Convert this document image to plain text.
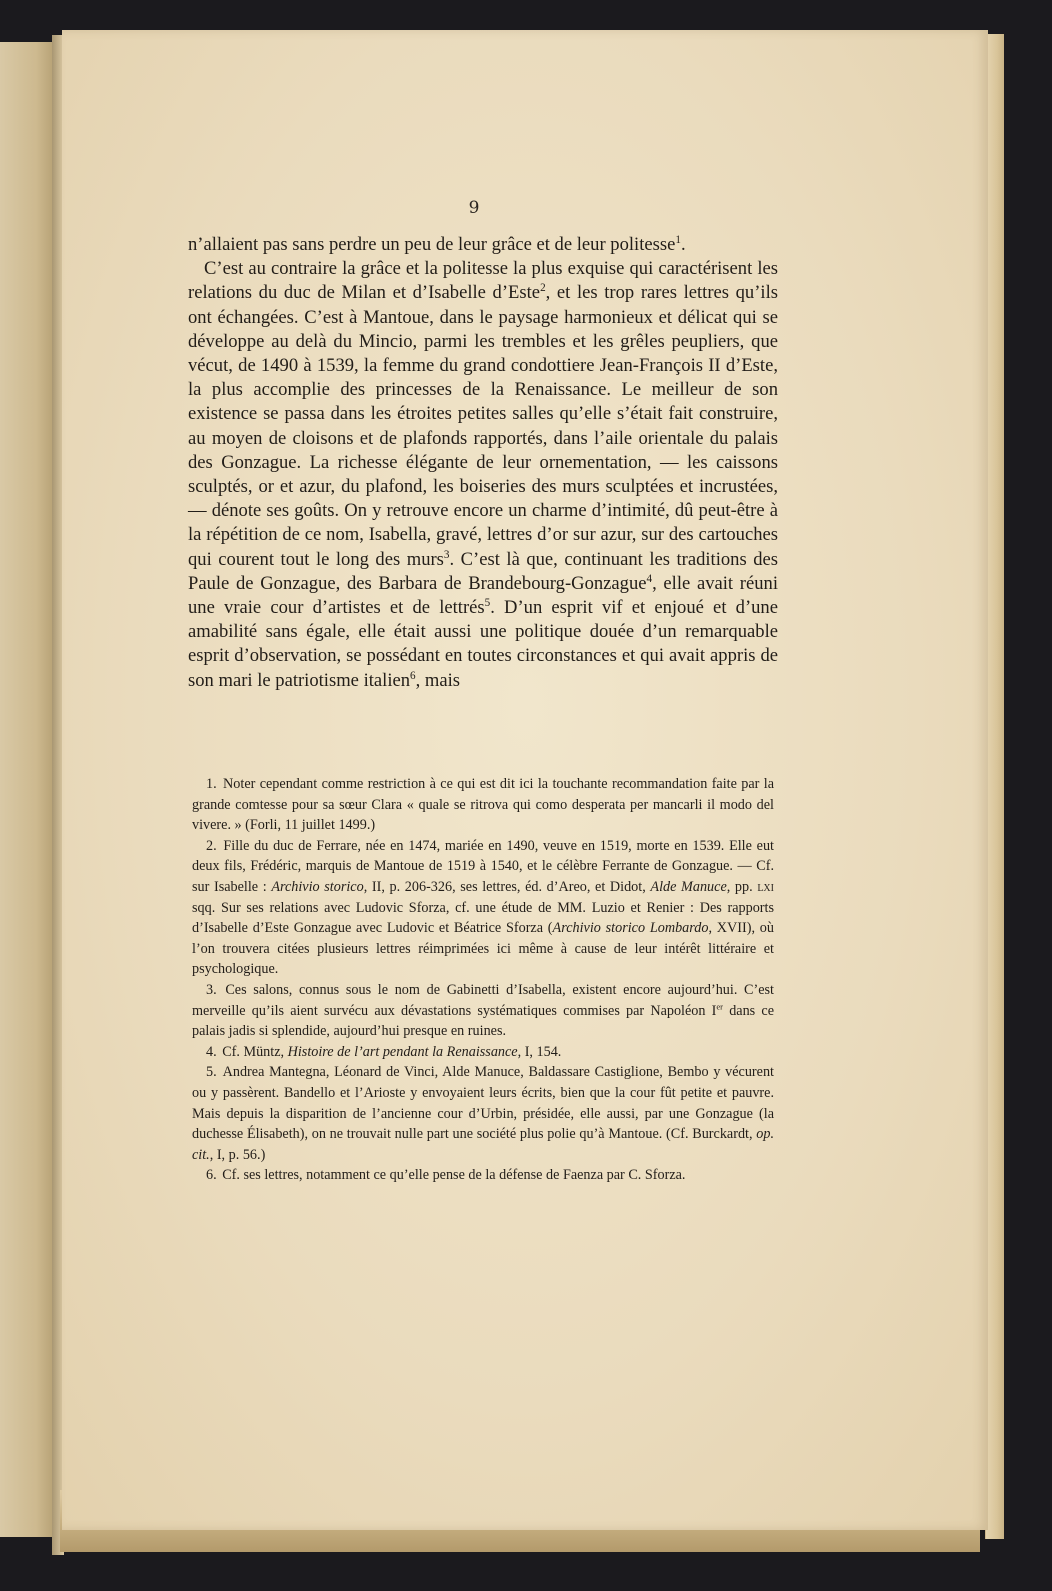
9

n’allaient pas sans perdre un peu de leur grâce et de leur politesse$^1$.

C’est au contraire la grâce et la politesse la plus exquise qui caractérisent les relations du duc de Milan et d’Isabelle d’Este$^2$, et les trop rares lettres qu’ils ont échangées. C’est à Mantoue, dans le paysage harmonieux et délicat qui se développe au delà du Mincio, parmi les trembles et les grêles peupliers, que vécut, de 1490 à 1539, la femme du grand condottiere Jean-François II d’Este, la plus accomplie des princesses de la Renaissance. Le meilleur de son existence se passa dans les étroites petites salles qu’elle s’était fait construire, au moyen de cloisons et de plafonds rapportés, dans l’aile orientale du palais des Gonzague. La richesse élégante de leur ornementation, — les caissons sculptés, or et azur, du plafond, les boiseries des murs sculptées et incrustées, — dénote ses goûts. On y retrouve encore un charme d’intimité, dû peut-être à la répétition de ce nom, Isabella, gravé, lettres d’or sur azur, sur des cartouches qui courent tout le long des murs$^3$. C’est là que, continuant les traditions des Paule de Gonzague, des Barbara de Brandebourg-Gonzague$^4$, elle avait réuni une vraie cour d’artistes et de lettrés$^5$. D’un esprit vif et enjoué et d’une amabilité sans égale, elle était aussi une politique douée d’un remarquable esprit d’observation, se possédant en toutes circonstances et qui avait appris de son mari le patriotisme italien$^6$, mais

1. Noter cependant comme restriction à ce qui est dit ici la touchante recommandation faite par la grande comtesse pour sa sœur Clara « quale se ritrova qui como desperata per mancarli il modo del vivere. » (Forli, 11 juillet 1499.)

2. Fille du duc de Ferrare, née en 1474, mariée en 1490, veuve en 1519, morte en 1539. Elle eut deux fils, Frédéric, marquis de Mantoue de 1519 à 1540, et le célèbre Ferrante de Gonzague. — Cf. sur Isabelle : Archivio storico, II, p. 206-326, ses lettres, éd. d’Areo, et Didot, Alde Manuce, pp. lxi sqq. Sur ses relations avec Ludovic Sforza, cf. une étude de MM. Luzio et Renier : Des rapports d’Isabelle d’Este Gonzague avec Ludovic et Béatrice Sforza (Archivio storico Lombardo, XVII), où l’on trouvera citées plusieurs lettres réimprimées ici même à cause de leur intérêt littéraire et psychologique.

3. Ces salons, connus sous le nom de Gabinetti d’Isabella, existent encore aujourd’hui. C’est merveille qu’ils aient survécu aux dévastations systématiques commises par Napoléon Ier dans ce palais jadis si splendide, aujourd’hui presque en ruines.

4. Cf. Müntz, Histoire de l’art pendant la Renaissance, I, 154.

5. Andrea Mantegna, Léonard de Vinci, Alde Manuce, Baldassare Castiglione, Bembo y vécurent ou y passèrent. Bandello et l’Arioste y envoyaient leurs écrits, bien que la cour fût petite et pauvre. Mais depuis la disparition de l’ancienne cour d’Urbin, présidée, elle aussi, par une Gonzague (la duchesse Élisabeth), on ne trouvait nulle part une société plus polie qu’à Mantoue. (Cf. Burckardt, op. cit., I, p. 56.)

6. Cf. ses lettres, notamment ce qu’elle pense de la défense de Faenza par C. Sforza.
